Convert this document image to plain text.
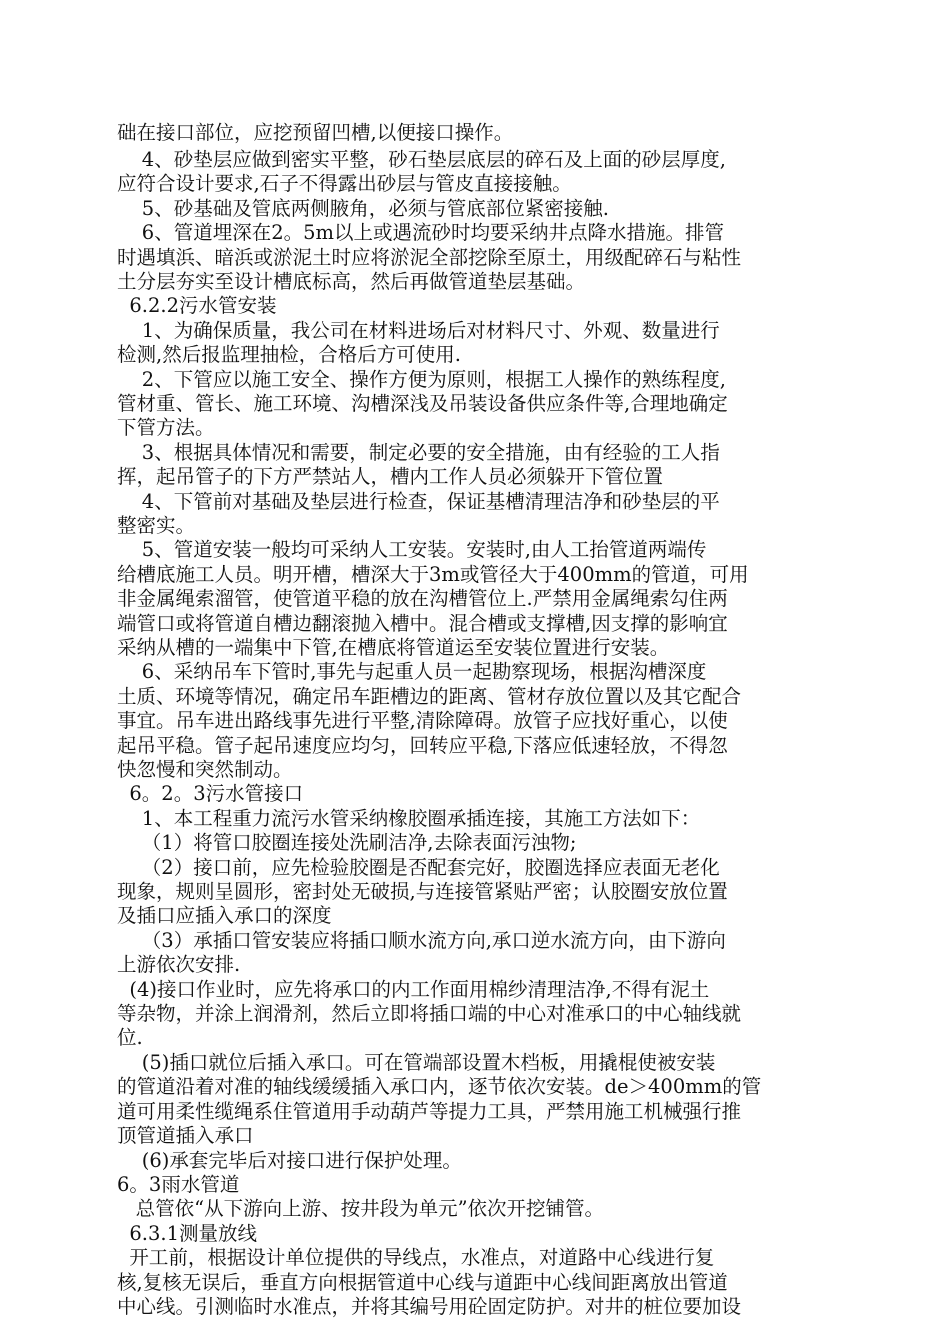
础在接口部位，应挖预留凹槽,以便接口操作。
4、砂垫层应做到密实平整，砂石垫层底层的碎石及上面的砂层厚度,
应符合设计要求,石子不得露出砂层与管皮直接接触。
5、砂基础及管底两侧腋角，必须与管底部位紧密接触.
6、管道埋深在2。5m以上或遇流砂时均要采纳井点降水措施。排管
时遇填浜、暗浜或淤泥土时应将淤泥全部挖除至原土，用级配碎石与粘性
土分层夯实至设计槽底标高，然后再做管道垫层基础。
6.2.2污水管安装
1、为确保质量，我公司在材料进场后对材料尺寸、外观、数量进行
检测,然后报监理抽检，合格后方可使用.
2、下管应以施工安全、操作方便为原则，根据工人操作的熟练程度,
管材重、管长、施工环境、沟槽深浅及吊装设备供应条件等,合理地确定
下管方法。
3、根据具体情况和需要，制定必要的安全措施，由有经验的工人指
挥，起吊管子的下方严禁站人，槽内工作人员必须躲开下管位置
4、下管前对基础及垫层进行检查，保证基槽清理洁净和砂垫层的平
整密实。
5、管道安装一般均可采纳人工安装。安装时,由人工抬管道两端传
给槽底施工人员。明开槽，槽深大于3m或管径大于400mm的管道，可用
非金属绳索溜管，使管道平稳的放在沟槽管位上.严禁用金属绳索勾住两
端管口或将管道自槽边翻滚抛入槽中。混合槽或支撑槽,因支撑的影响宜
采纳从槽的一端集中下管,在槽底将管道运至安装位置进行安装。
6、采纳吊车下管时,事先与起重人员一起勘察现场，根据沟槽深度
土质、环境等情况，确定吊车距槽边的距离、管材存放位置以及其它配合
事宜。吊车进出路线事先进行平整,清除障碍。放管子应找好重心，以使
起吊平稳。管子起吊速度应均匀，回转应平稳,下落应低速轻放，不得忽
快忽慢和突然制动。
6。2。3污水管接口
1、本工程重力流污水管采纳橡胶圈承插连接，其施工方法如下：
（1）将管口胶圈连接处洗刷洁净,去除表面污浊物;
（2）接口前，应先检验胶圈是否配套完好，胶圈选择应表面无老化
现象，规则呈圆形，密封处无破损,与连接管紧贴严密；认胶圈安放位置
及插口应插入承口的深度
（3）承插口管安装应将插口顺水流方向,承口逆水流方向，由下游向
上游依次安排.
(4)接口作业时，应先将承口的内工作面用棉纱清理洁净,不得有泥土
等杂物，并涂上润滑剂，然后立即将插口端的中心对准承口的中心轴线就
位.
(5)插口就位后插入承口。可在管端部设置木档板，用撬棍使被安装
的管道沿着对准的轴线缓缓插入承口内，逐节依次安装。de＞400mm的管
道可用柔性缆绳系住管道用手动葫芦等提力工具，严禁用施工机械强行推
顶管道插入承口
(6)承套完毕后对接口进行保护处理。
6。3雨水管道
总管依“从下游向上游、按井段为单元”依次开挖铺管。
6.3.1测量放线
开工前，根据设计单位提供的导线点，水准点，对道路中心线进行复
核,复核无误后，垂直方向根据管道中心线与道距中心线间距离放出管道
中心线。引测临时水准点，并将其编号用砼固定防护。对井的桩位要加设
